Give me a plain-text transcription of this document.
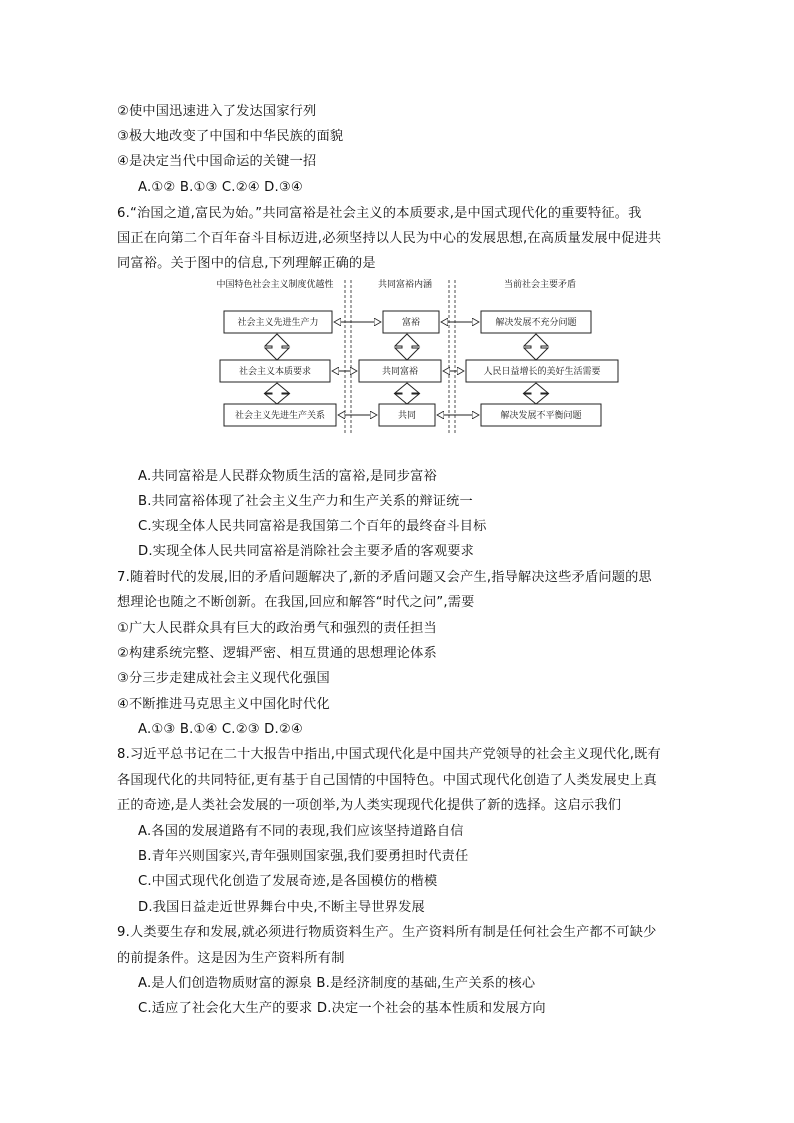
②使中国迅速进入了发达国家行列
③极大地改变了中国和中华民族的面貌
④是决定当代中国命运的关键一招
A.①② B.①③ C.②④ D.③④
6.“治国之道,富民为始。”共同富裕是社会主义的本质要求,是中国式现代化的重要特征。我
国正在向第二个百年奋斗目标迈进,必须坚持以人民为中心的发展思想,在高质量发展中促进共
同富裕。关于图中的信息,下列理解正确的是
中国特色社会主义制度优越性	共同富裕内涵	当前社会主要矛盾
社会主义先进生产力
社会主义本质要求
社会主义先进生产关系
富裕
共同富裕
共同
解决发展不充分问题
人民日益增长的美好生活需要
解决发展不平衡问题
A.共同富裕是人民群众物质生活的富裕,是同步富裕
B.共同富裕体现了社会主义生产力和生产关系的辩证统一
C.实现全体人民共同富裕是我国第二个百年的最终奋斗目标
D.实现全体人民共同富裕是消除社会主要矛盾的客观要求
7.随着时代的发展,旧的矛盾问题解决了,新的矛盾问题又会产生,指导解决这些矛盾问题的思
想理论也随之不断创新。在我国,回应和解答“时代之问”,需要
①广大人民群众具有巨大的政治勇气和强烈的责任担当
②构建系统完整、逻辑严密、相互贯通的思想理论体系
③分三步走建成社会主义现代化强国
④不断推进马克思主义中国化时代化
A.①③ B.①④ C.②③ D.②④
8.习近平总书记在二十大报告中指出,中国式现代化是中国共产党领导的社会主义现代化,既有
各国现代化的共同特征,更有基于自己国情的中国特色。中国式现代化创造了人类发展史上真
正的奇迹,是人类社会发展的一项创举,为人类实现现代化提供了新的选择。这启示我们
A.各国的发展道路有不同的表现,我们应该坚持道路自信
B.青年兴则国家兴,青年强则国家强,我们要勇担时代责任
C.中国式现代化创造了发展奇迹,是各国模仿的楷模
D.我国日益走近世界舞台中央,不断主导世界发展
9.人类要生存和发展,就必须进行物质资料生产。生产资料所有制是任何社会生产都不可缺少
的前提条件。这是因为生产资料所有制
A.是人们创造物质财富的源泉 B.是经济制度的基础,生产关系的核心
C.适应了社会化大生产的要求 D.决定一个社会的基本性质和发展方向
